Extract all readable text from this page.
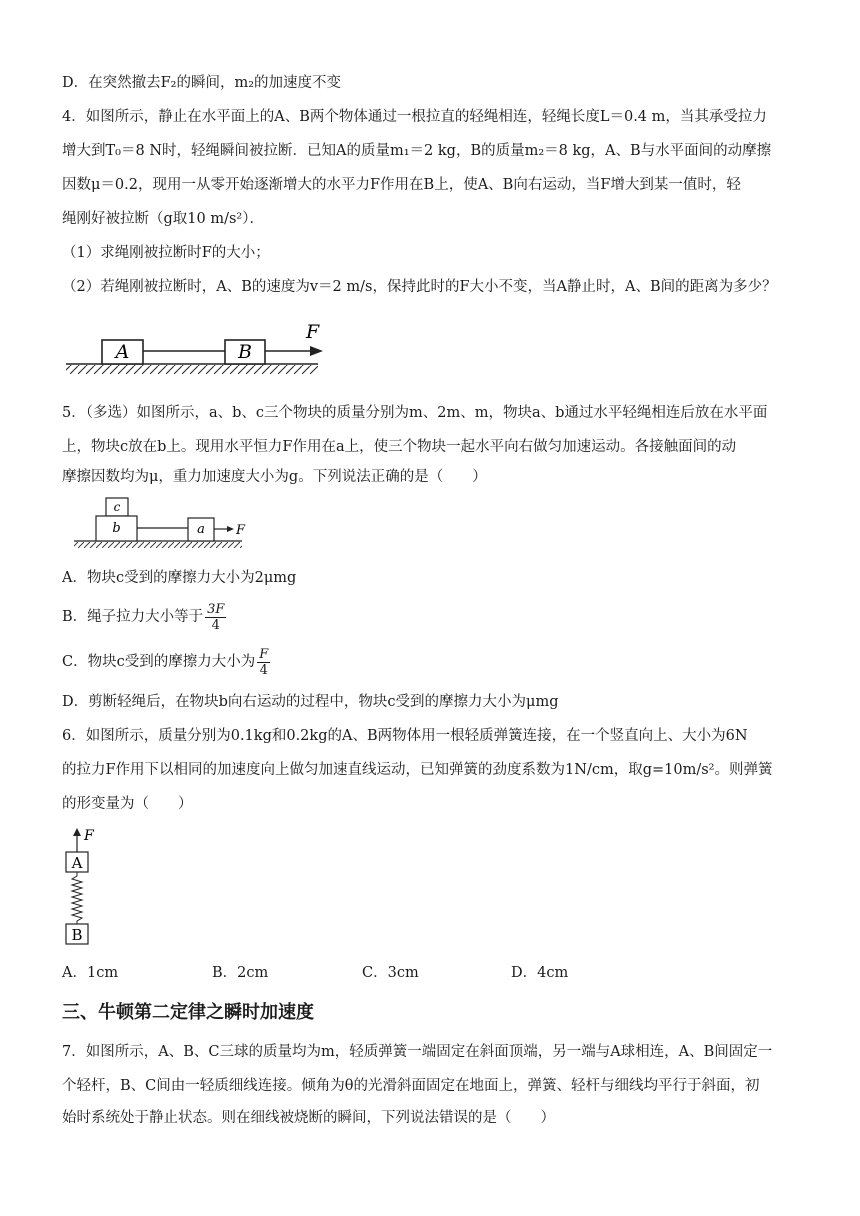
D．在突然撤去F₂的瞬间，m₂的加速度不变
4．如图所示，静止在水平面上的A、B两个物体通过一根拉直的轻绳相连，轻绳长度L＝0.4 m，当其承受拉力
增大到T₀＝8 N时，轻绳瞬间被拉断．已知A的质量m₁＝2 kg，B的质量m₂＝8 kg，A、B与水平面间的动摩擦
因数μ＝0.2，现用一从零开始逐渐增大的水平力F作用在B上，使A、B向右运动，当F增大到某一值时，轻
绳刚好被拉断（g取10 m/s²）．
（1）求绳刚被拉断时F的大小；
（2）若绳刚被拉断时，A、B的速度为v＝2 m/s，保持此时的F大小不变，当A静止时，A、B间的距离为多少？
A	B
F
5．（多选）如图所示，a、b、c三个物块的质量分别为m、2m、m，物块a、b通过水平轻绳相连后放在水平面
上，物块c放在b上。现用水平恒力F作用在a上，使三个物块一起水平向右做匀加速运动。各接触面间的动
摩擦因数均为μ，重力加速度大小为g。下列说法正确的是（　　）
c
b	a F
A．物块c受到的摩擦力大小为2μmg
B．绳子拉力大小等于 $\frac{3F}{4}$
C．物块c受到的摩擦力大小为 $\frac{F}{4}$
D．剪断轻绳后，在物块b向右运动的过程中，物块c受到的摩擦力大小为μmg
6．如图所示，质量分别为0.1kg和0.2kg的A、B两物体用一根轻质弹簧连接，在一个竖直向上、大小为6N
的拉力F作用下以相同的加速度向上做匀加速直线运动，已知弹簧的劲度系数为1N/cm，取g=10m/s²。则弹簧
的形变量为（　　）
F
A
B
A．1cm	B．2cm	C．3cm	D．4cm
三、牛顿第二定律之瞬时加速度
7．如图所示，A、B、C三球的质量均为m，轻质弹簧一端固定在斜面顶端，另一端与A球相连，A、B间固定一
个轻杆，B、C间由一轻质细线连接。倾角为θ的光滑斜面固定在地面上，弹簧、轻杆与细线均平行于斜面，初
始时系统处于静止状态。则在细线被烧断的瞬间，下列说法错误的是（　　）
